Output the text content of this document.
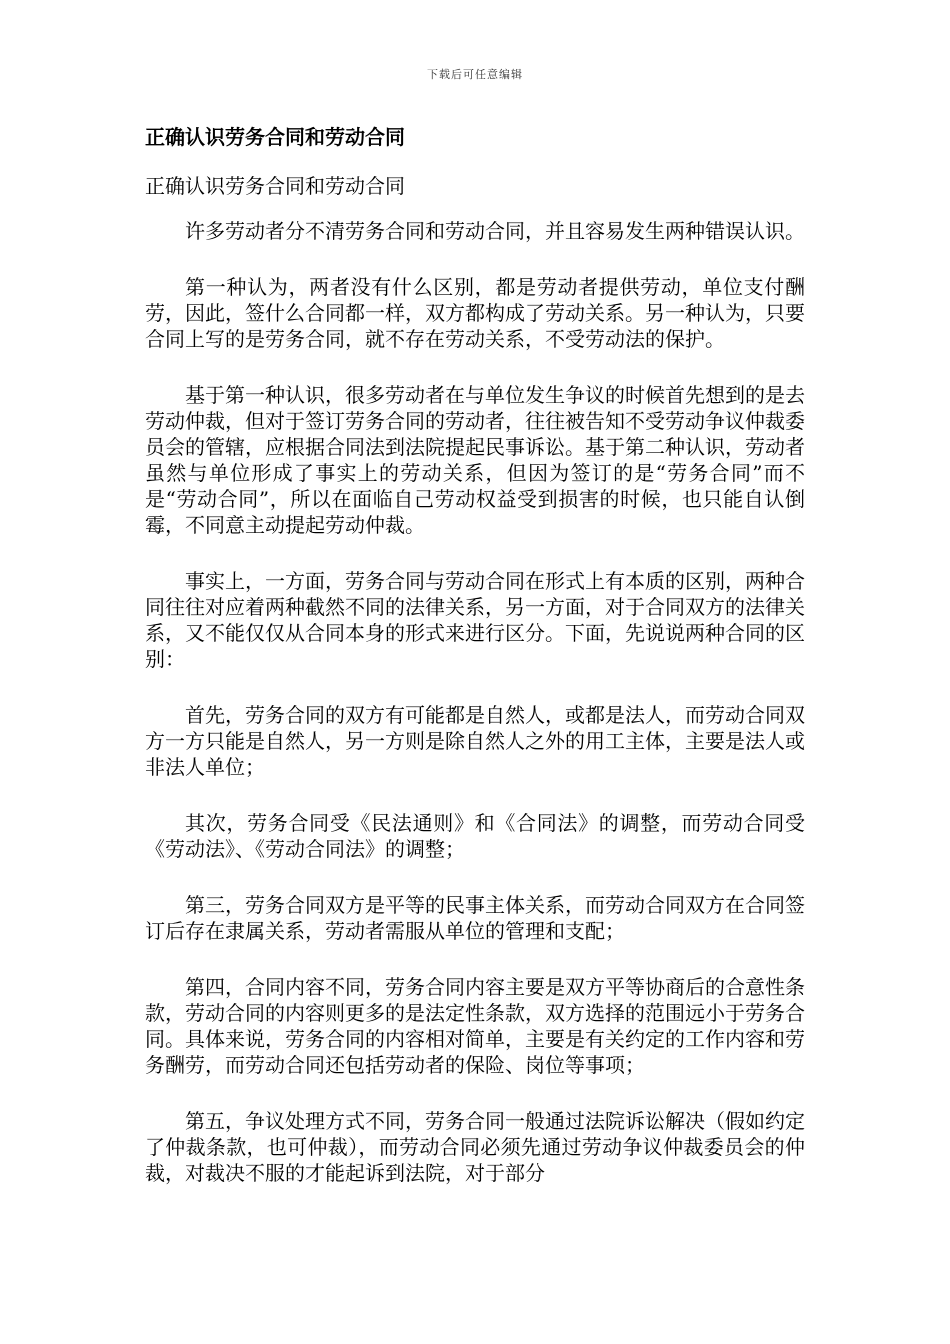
下载后可任意编辑
正确认识劳务合同和劳动合同

正确认识劳务合同和劳动合同

许多劳动者分不清劳务合同和劳动合同，并且容易发生两种错误认识。

第一种认为，两者没有什么区别，都是劳动者提供劳动，单位支付酬劳，因此，签什么合同都一样，双方都构成了劳动关系。另一种认为，只要合同上写的是劳务合同，就不存在劳动关系，不受劳动法的保护。

基于第一种认识，很多劳动者在与单位发生争议的时候首先想到的是去劳动仲裁，但对于签订劳务合同的劳动者，往往被告知不受劳动争议仲裁委员会的管辖，应根据合同法到法院提起民事诉讼。基于第二种认识，劳动者虽然与单位形成了事实上的劳动关系，但因为签订的是“劳务合同”而不是“劳动合同”，所以在面临自己劳动权益受到损害的时候，也只能自认倒霉，不同意主动提起劳动仲裁。

事实上，一方面，劳务合同与劳动合同在形式上有本质的区别，两种合同往往对应着两种截然不同的法律关系，另一方面，对于合同双方的法律关系，又不能仅仅从合同本身的形式来进行区分。下面，先说说两种合同的区别：

首先，劳务合同的双方有可能都是自然人，或都是法人，而劳动合同双方一方只能是自然人，另一方则是除自然人之外的用工主体，主要是法人或非法人单位；

其次，劳务合同受《民法通则》和《合同法》的调整，而劳动合同受《劳动法》、《劳动合同法》的调整；

第三，劳务合同双方是平等的民事主体关系，而劳动合同双方在合同签订后存在隶属关系，劳动者需服从单位的管理和支配；

第四，合同内容不同，劳务合同内容主要是双方平等协商后的合意性条款，劳动合同的内容则更多的是法定性条款，双方选择的范围远小于劳务合同。具体来说，劳务合同的内容相对简单，主要是有关约定的工作内容和劳务酬劳，而劳动合同还包括劳动者的保险、岗位等事项；

第五，争议处理方式不同，劳务合同一般通过法院诉讼解决（假如约定了仲裁条款，也可仲裁），而劳动合同必须先通过劳动争议仲裁委员会的仲裁，对裁决不服的才能起诉到法院，对于部分
